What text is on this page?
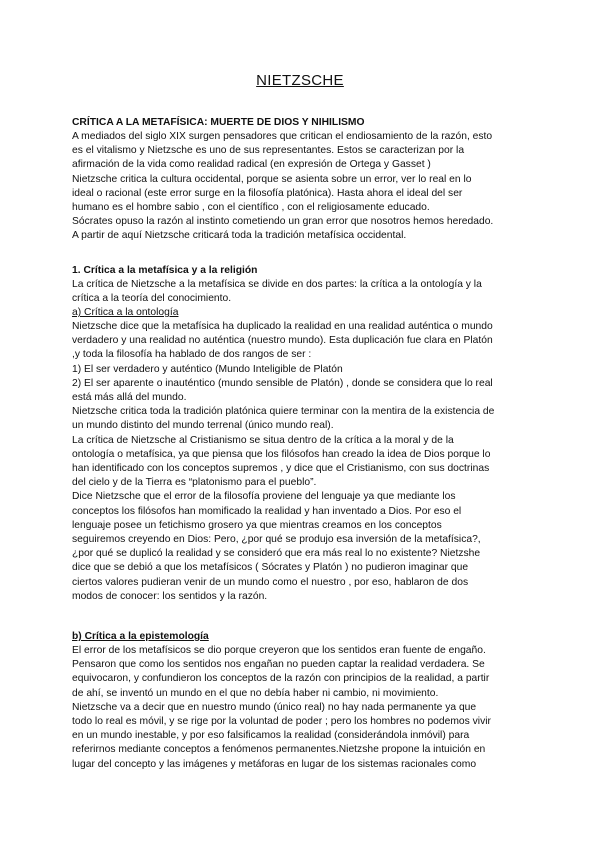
NIETZSCHE
CRÍTICA A LA METAFÍSICA: MUERTE DE DIOS Y NIHILISMO
A mediados del siglo XIX surgen pensadores que critican el endiosamiento de la razón, esto
es el vitalismo y Nietzsche es uno de sus representantes. Estos se caracterizan por la
afirmación de la vida como realidad radical (en expresión de Ortega y Gasset )
Nietzsche critica la cultura occidental, porque se asienta sobre un error, ver lo real en lo
ideal o racional (este error surge en la filosofía platónica). Hasta ahora el ideal del ser
humano es el hombre sabio , con el científico , con el religiosamente educado.
Sócrates opuso la razón al instinto cometiendo un gran error que nosotros hemos heredado.
A partir de aquí Nietzsche criticará toda la tradición metafísica occidental.
1. Crítica a la metafísica y a la religión
La crítica de Nietzsche a la metafísica se divide en dos partes: la crítica a la ontología y la
crítica a la teoría del conocimiento.
a) Crítica a la ontología
Nietzsche dice que la metafísica ha duplicado la realidad en una realidad auténtica o mundo
verdadero y una realidad no auténtica (nuestro mundo). Esta duplicación fue clara en Platón
,y toda la filosofía ha hablado de dos rangos de ser :
1) El ser verdadero y auténtico (Mundo Inteligible de Platón
2) El ser aparente o inauténtico (mundo sensible de Platón) , donde se considera que lo real
está más allá del mundo.
Nietzsche critica toda la tradición platónica quiere terminar con la mentira de la existencia de
un mundo distinto del mundo terrenal (único mundo real).
La crítica de Nietzsche al Cristianismo se situa dentro de la crítica a la moral y de la
ontología o metafísica, ya que piensa que los filósofos han creado la idea de Dios porque lo
han identificado con los conceptos supremos , y dice que el Cristianismo, con sus doctrinas
del cielo y de la Tierra es “platonismo para el pueblo”.
Dice Nietzsche que el error de la filosofía proviene del lenguaje ya que mediante los
conceptos los filósofos han momificado la realidad y han inventado a Dios. Por eso el
lenguaje posee un fetichismo grosero ya que mientras creamos en los conceptos
seguiremos creyendo en Dios: Pero, ¿por qué se produjo esa inversión de la metafísica?,
¿por qué se duplicó la realidad y se consideró que era más real lo no existente? Nietzshe
dice que se debió a que los metafísicos ( Sócrates y Platón ) no pudieron imaginar que
ciertos valores pudieran venir de un mundo como el nuestro , por eso, hablaron de dos
modos de conocer: los sentidos y la razón.
b) Crítica a la epistemología
El error de los metafísicos se dio porque creyeron que los sentidos eran fuente de engaño.
Pensaron que como los sentidos nos engañan no pueden captar la realidad verdadera. Se
equivocaron, y confundieron los conceptos de la razón con principios de la realidad, a partir
de ahí, se inventó un mundo en el que no debía haber ni cambio, ni movimiento.
Nietzsche va a decir que en nuestro mundo (único real) no hay nada permanente ya que
todo lo real es móvil, y se rige por la voluntad de poder ; pero los hombres no podemos vivir
en un mundo inestable, y por eso falsificamos la realidad (considerándola inmóvil) para
referirnos mediante conceptos a fenómenos permanentes.Nietzshe propone la intuición en
lugar del concepto y las imágenes y metáforas en lugar de los sistemas racionales como
